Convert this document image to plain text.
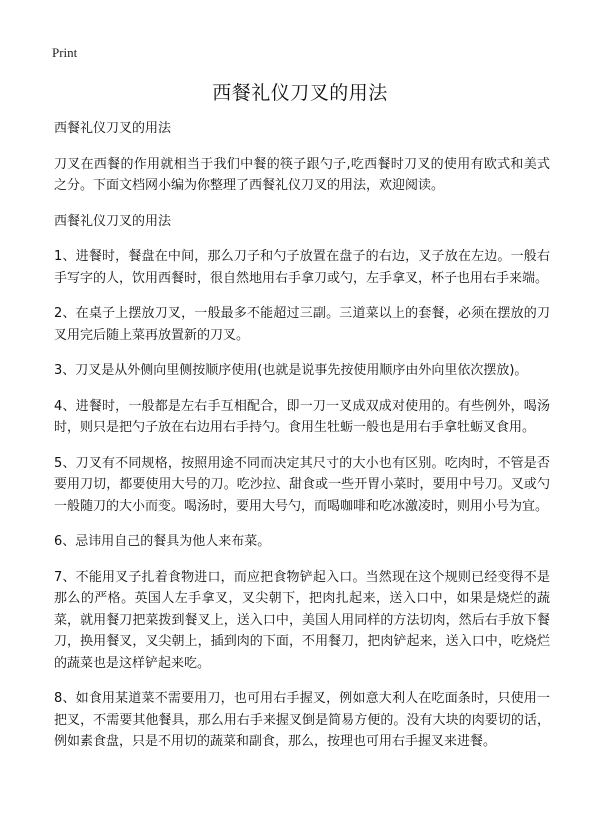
Print
西餐礼仪刀叉的用法

西餐礼仪刀叉的用法

刀叉在西餐的作用就相当于我们中餐的筷子跟勺子,吃西餐时刀叉的使用有欧式和美式之分。下面文档网小编为你整理了西餐礼仪刀叉的用法，欢迎阅读。

西餐礼仪刀叉的用法

1、进餐时，餐盘在中间，那么刀子和勺子放置在盘子的右边，叉子放在左边。一般右手写字的人，饮用西餐时，很自然地用右手拿刀或勺，左手拿叉，杯子也用右手来端。

2、在桌子上摆放刀叉，一般最多不能超过三副。三道菜以上的套餐，必须在摆放的刀叉用完后随上菜再放置新的刀叉。

3、刀叉是从外侧向里侧按顺序使用(也就是说事先按使用顺序由外向里依次摆放)。

4、进餐时，一般都是左右手互相配合，即一刀一叉成双成对使用的。有些例外，喝汤时，则只是把勺子放在右边用右手持勺。食用生牡蛎一般也是用右手拿牡蛎叉食用。

5、刀叉有不同规格，按照用途不同而决定其尺寸的大小也有区别。吃肉时，不管是否要用刀切，都要使用大号的刀。吃沙拉、甜食或一些开胃小菜时，要用中号刀。叉或勺一般随刀的大小而变。喝汤时，要用大号勺，而喝咖啡和吃冰激凌时，则用小号为宜。

6、忌讳用自己的餐具为他人来布菜。

7、不能用叉子扎着食物进口，而应把食物铲起入口。当然现在这个规则已经变得不是那么的严格。英国人左手拿叉，叉尖朝下，把肉扎起来，送入口中，如果是烧烂的蔬菜，就用餐刀把菜拨到餐叉上，送入口中，美国人用同样的方法切肉，然后右手放下餐刀，换用餐叉，叉尖朝上，插到肉的下面，不用餐刀，把肉铲起来，送入口中，吃烧烂的蔬菜也是这样铲起来吃。

8、如食用某道菜不需要用刀，也可用右手握叉，例如意大利人在吃面条时，只使用一把叉，不需要其他餐具，那么用右手来握叉倒是简易方便的。没有大块的肉要切的话，例如素食盘，只是不用切的蔬菜和副食，那么，按理也可用右手握叉来进餐。
